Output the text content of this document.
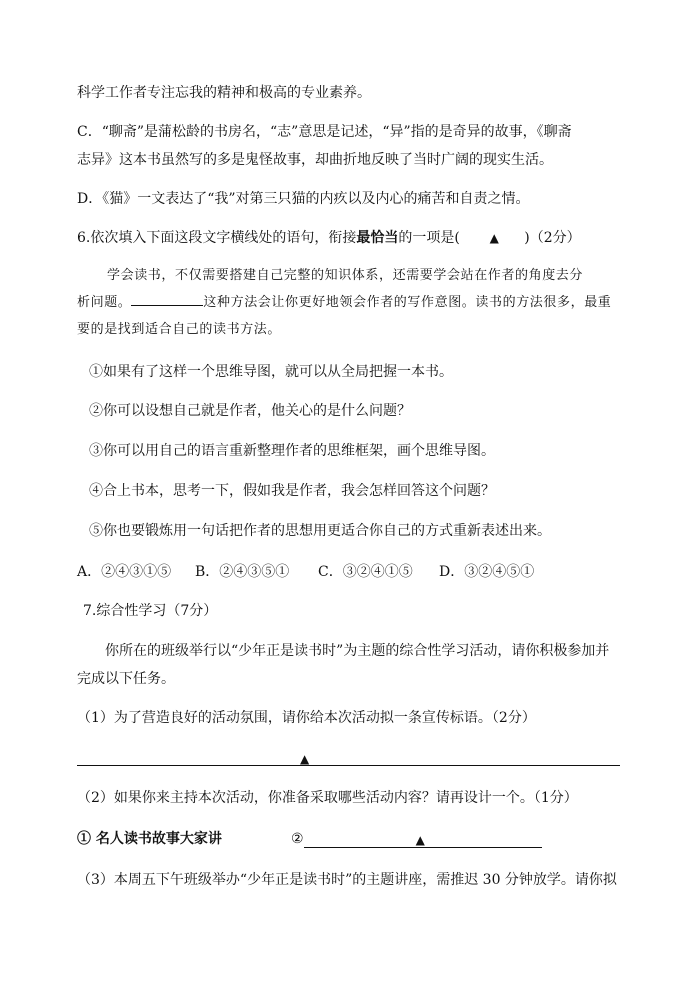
科学工作者专注忘我的精神和极高的专业素养。
C．“聊斋”是蒲松龄的书房名，“志”意思是记述，“异”指的是奇异的故事，《聊斋
志异》这本书虽然写的多是鬼怪故事，却曲折地反映了当时广阔的现实生活。
D．《猫》一文表达了“我”对第三只猫的内疚以及内心的痛苦和自责之情。
6.依次填入下面这段文字横线处的语句，衔接最恰当的一项是( ▲ )（2分）
学会读书，不仅需要搭建自己完整的知识体系，还需要学会站在作者的角度去分
析问题。	这种方法会让你更好地领会作者的写作意图。读书的方法很多，最重
要的是找到适合自己的读书方法。
①如果有了这样一个思维导图，就可以从全局把握一本书。
②你可以设想自己就是作者，他关心的是什么问题？
③你可以用自己的语言重新整理作者的思维框架，画个思维导图。
④合上书本，思考一下，假如我是作者，我会怎样回答这个问题？
⑤你也要锻炼用一句话把作者的思想用更适合你自己的方式重新表述出来。
A．②④③①⑤ B．②④③⑤① C．③②④①⑤ D．③②④⑤①
7.综合性学习（7分）
你所在的班级举行以“少年正是读书时”为主题的综合性学习活动，请你积极参加并
完成以下任务。
（1）为了营造良好的活动氛围，请你给本次活动拟一条宣传标语。（2分）
▲
（2）如果你来主持本次活动，你准备采取哪些活动内容？请再设计一个。（1分）
① 名人读书故事大家讲	②	▲
（3）本周五下午班级举办“少年正是读书时”的主题讲座，需推迟 30 分钟放学。请你拟
